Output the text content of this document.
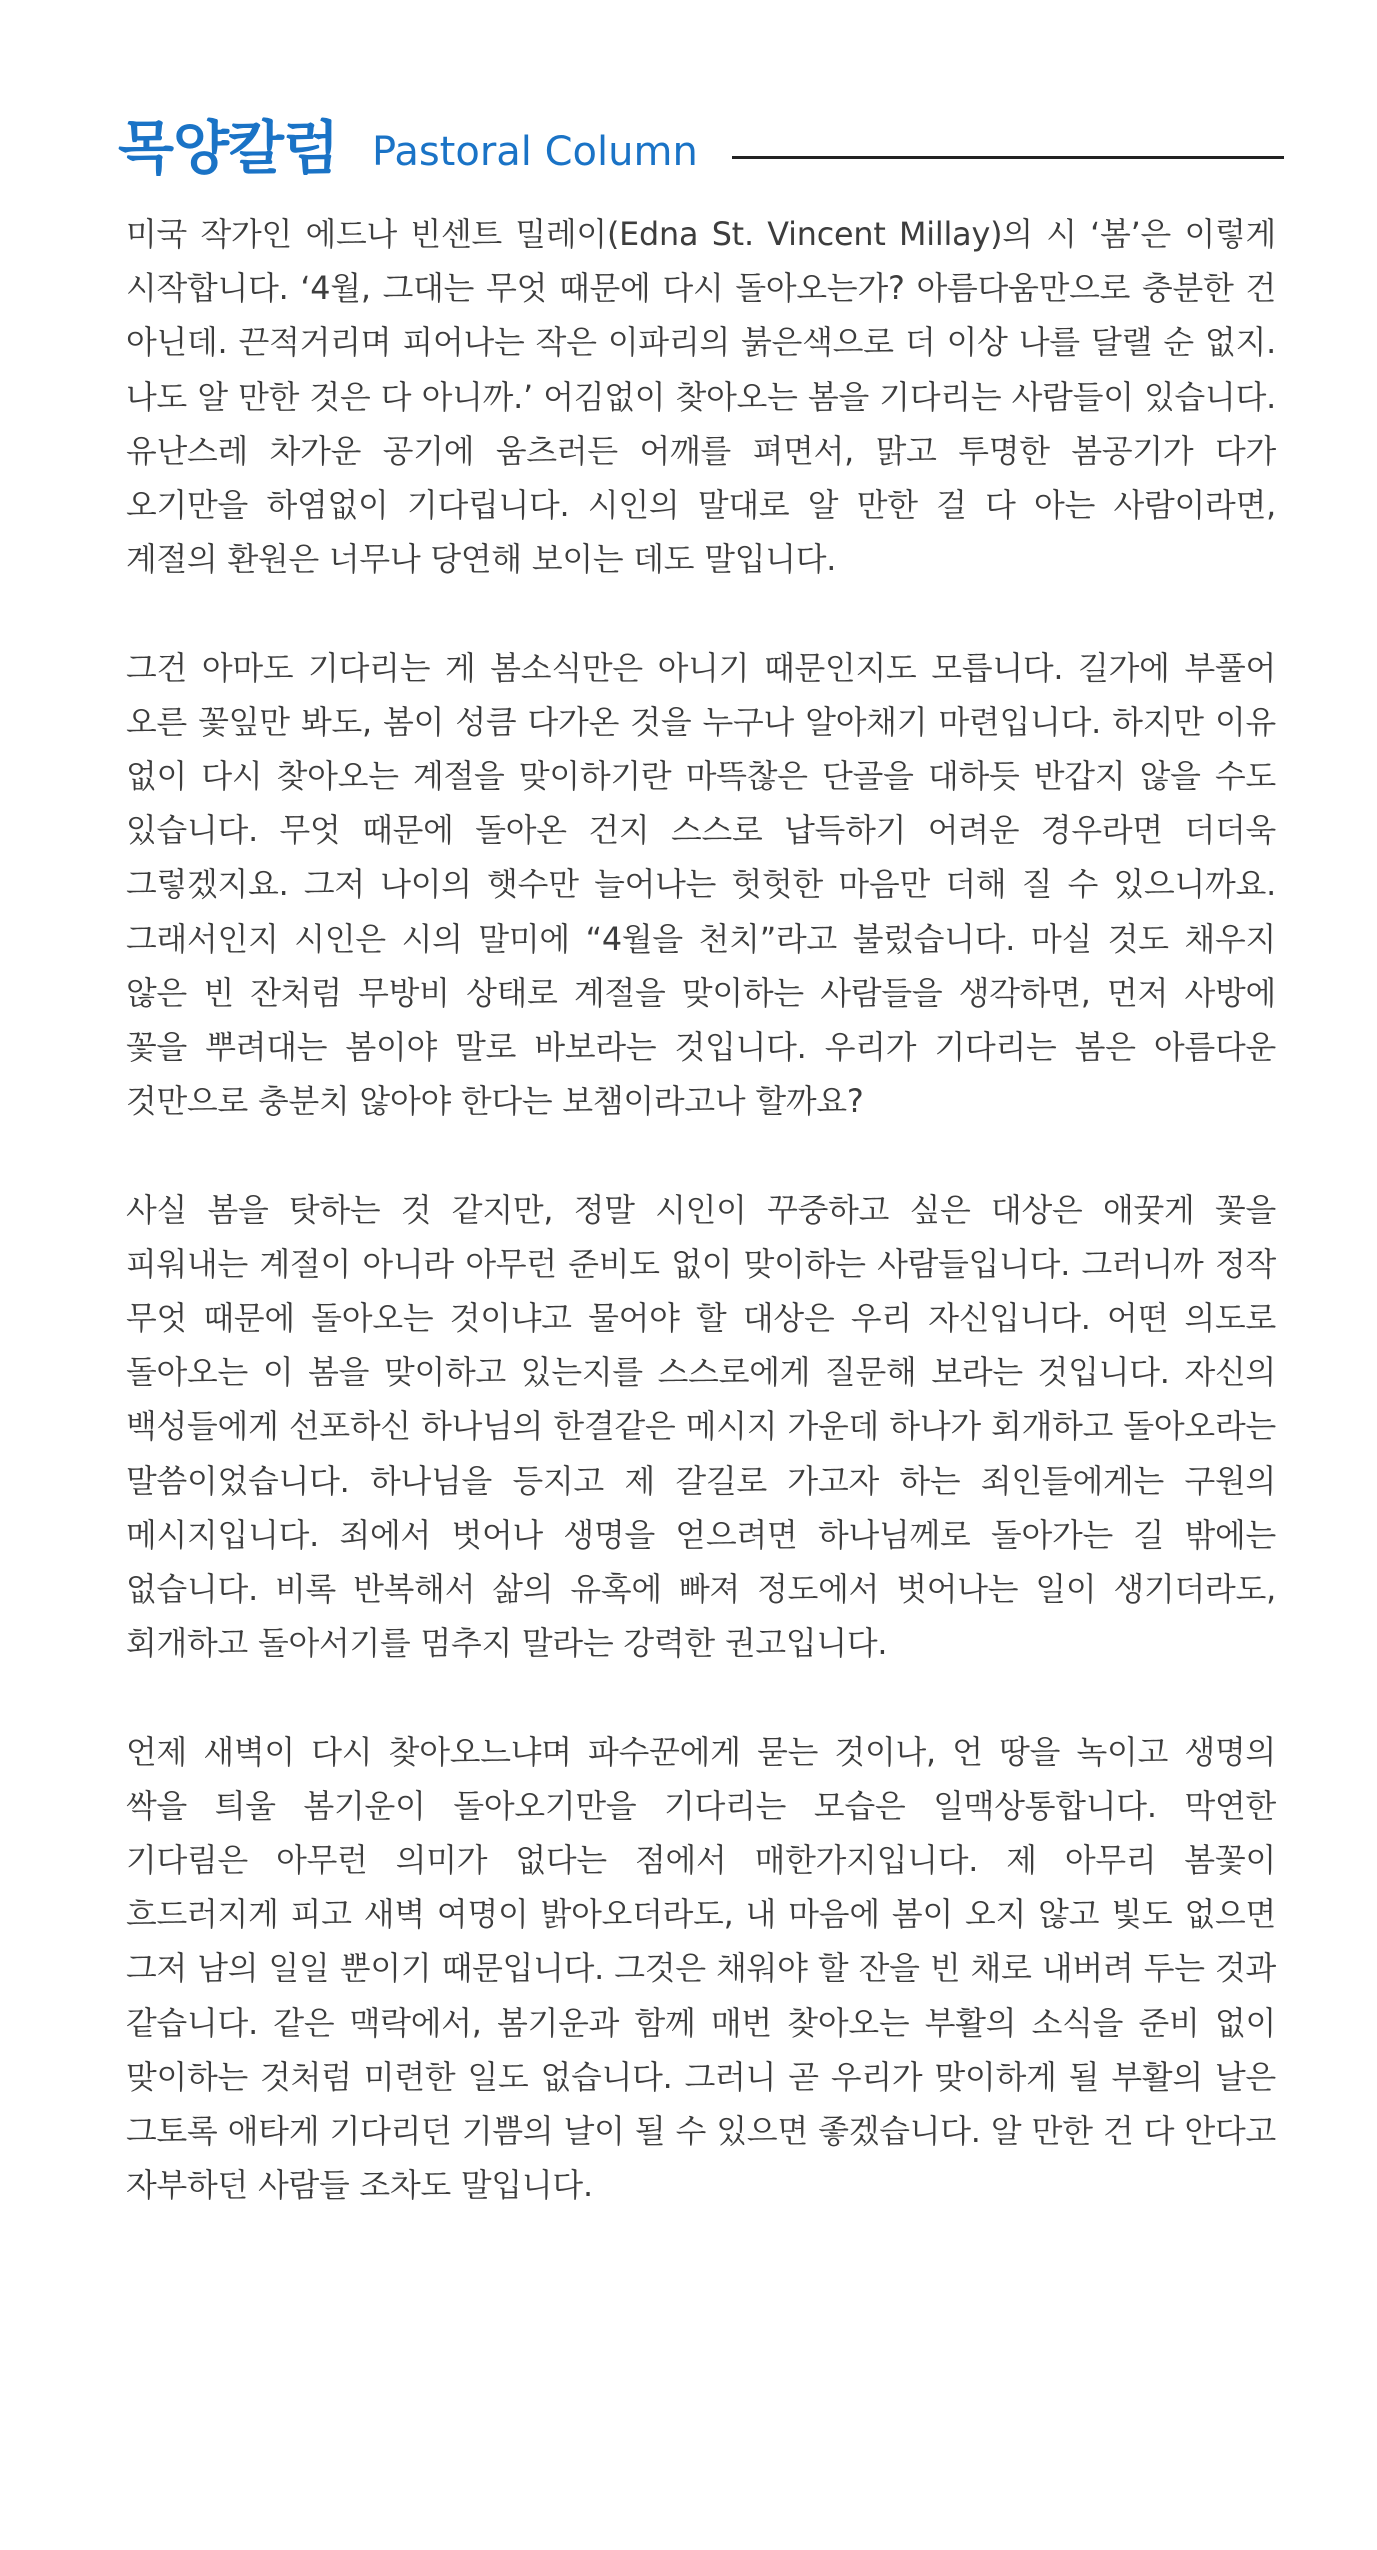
목양칼럼 Pastoral Column

미국 작가인 에드나 빈센트 밀레이(Edna St. Vincent Millay)의 시 ‘봄’은 이렇게 시작합니다. ‘4월, 그대는 무엇 때문에 다시 돌아오는가? 아름다움만으로 충분한 건 아닌데. 끈적거리며 피어나는 작은 이파리의 붉은색으로 더 이상 나를 달랠 순 없지. 나도 알 만한 것은 다 아니까.’ 어김없이 찾아오는 봄을 기다리는 사람들이 있습니다. 유난스레 차가운 공기에 움츠러든 어깨를 펴면서, 맑고 투명한 봄공기가 다가 오기만을 하염없이 기다립니다. 시인의 말대로 알 만한 걸 다 아는 사람이라면, 계절의 환원은 너무나 당연해 보이는 데도 말입니다.

그건 아마도 기다리는 게 봄소식만은 아니기 때문인지도 모릅니다. 길가에 부풀어 오른 꽃잎만 봐도, 봄이 성큼 다가온 것을 누구나 알아채기 마련입니다. 하지만 이유 없이 다시 찾아오는 계절을 맞이하기란 마뜩찮은 단골을 대하듯 반갑지 않을 수도 있습니다. 무엇 때문에 돌아온 건지 스스로 납득하기 어려운 경우라면 더더욱 그렇겠지요. 그저 나이의 햇수만 늘어나는 헛헛한 마음만 더해 질 수 있으니까요. 그래서인지 시인은 시의 말미에 “4월을 천치”라고 불렀습니다. 마실 것도 채우지 않은 빈 잔처럼 무방비 상태로 계절을 맞이하는 사람들을 생각하면, 먼저 사방에 꽃을 뿌려대는 봄이야 말로 바보라는 것입니다. 우리가 기다리는 봄은 아름다운 것만으로 충분치 않아야 한다는 보챔이라고나 할까요?

사실 봄을 탓하는 것 같지만, 정말 시인이 꾸중하고 싶은 대상은 애꿎게 꽃을 피워내는 계절이 아니라 아무런 준비도 없이 맞이하는 사람들입니다. 그러니까 정작 무엇 때문에 돌아오는 것이냐고 물어야 할 대상은 우리 자신입니다. 어떤 의도로 돌아오는 이 봄을 맞이하고 있는지를 스스로에게 질문해 보라는 것입니다. 자신의 백성들에게 선포하신 하나님의 한결같은 메시지 가운데 하나가 회개하고 돌아오라는 말씀이었습니다. 하나님을 등지고 제 갈길로 가고자 하는 죄인들에게는 구원의 메시지입니다. 죄에서 벗어나 생명을 얻으려면 하나님께로 돌아가는 길 밖에는 없습니다. 비록 반복해서 삶의 유혹에 빠져 정도에서 벗어나는 일이 생기더라도, 회개하고 돌아서기를 멈추지 말라는 강력한 권고입니다.

언제 새벽이 다시 찾아오느냐며 파수꾼에게 묻는 것이나, 언 땅을 녹이고 생명의 싹을 틔울 봄기운이 돌아오기만을 기다리는 모습은 일맥상통합니다. 막연한 기다림은 아무런 의미가 없다는 점에서 매한가지입니다. 제 아무리 봄꽃이 흐드러지게 피고 새벽 여명이 밝아오더라도, 내 마음에 봄이 오지 않고 빛도 없으면 그저 남의 일일 뿐이기 때문입니다. 그것은 채워야 할 잔을 빈 채로 내버려 두는 것과 같습니다. 같은 맥락에서, 봄기운과 함께 매번 찾아오는 부활의 소식을 준비 없이 맞이하는 것처럼 미련한 일도 없습니다. 그러니 곧 우리가 맞이하게 될 부활의 날은 그토록 애타게 기다리던 기쁨의 날이 될 수 있으면 좋겠습니다. 알 만한 건 다 안다고 자부하던 사람들 조차도 말입니다.
